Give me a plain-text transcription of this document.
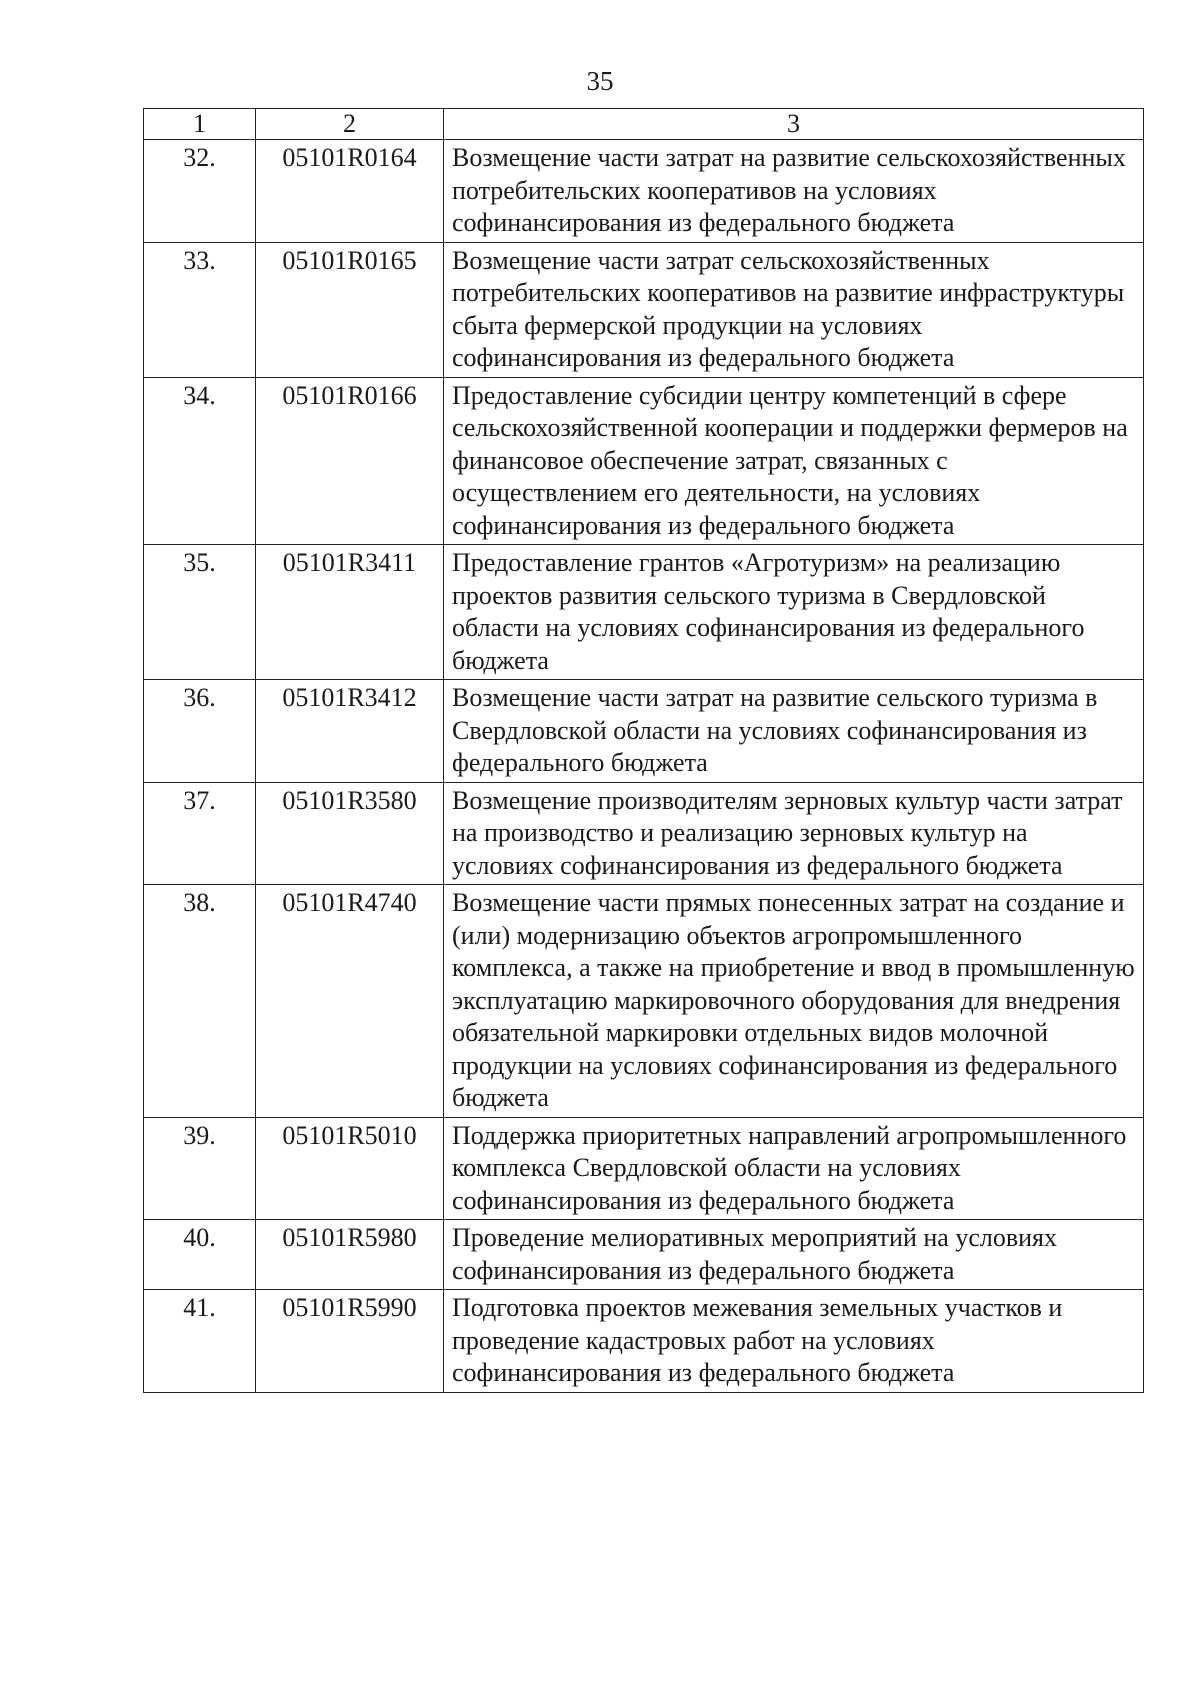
35
1	2	3
32.	05101R0164	Возмещение части затрат на развитие сельскохозяйственных потребительских кооперативов на условиях софинансирования из федерального бюджета
33.	05101R0165	Возмещение части затрат сельскохозяйственных потребительских кооперативов на развитие инфраструктуры сбыта фермерской продукции на условиях софинансирования из федерального бюджета
34.	05101R0166	Предоставление субсидии центру компетенций в сфере сельскохозяйственной кооперации и поддержки фермеров на финансовое обеспечение затрат, связанных с осуществлением его деятельности, на условиях софинансирования из федерального бюджета
35.	05101R3411	Предоставление грантов «Агротуризм» на реализацию проектов развития сельского туризма в Свердловской области на условиях софинансирования из федерального бюджета
36.	05101R3412	Возмещение части затрат на развитие сельского туризма в Свердловской области на условиях софинансирования из федерального бюджета
37.	05101R3580	Возмещение производителям зерновых культур части затрат на производство и реализацию зерновых культур на условиях софинансирования из федерального бюджета
38.	05101R4740	Возмещение части прямых понесенных затрат на создание и (или) модернизацию объектов агропромышленного комплекса, а также на приобретение и ввод в промышленную эксплуатацию маркировочного оборудования для внедрения обязательной маркировки отдельных видов молочной продукции на условиях софинансирования из федерального бюджета
39.	05101R5010	Поддержка приоритетных направлений агропромышленного комплекса Свердловской области на условиях софинансирования из федерального бюджета
40.	05101R5980	Проведение мелиоративных мероприятий на условиях софинансирования из федерального бюджета
41.	05101R5990	Подготовка проектов межевания земельных участков и проведение кадастровых работ на условиях софинансирования из федерального бюджета
